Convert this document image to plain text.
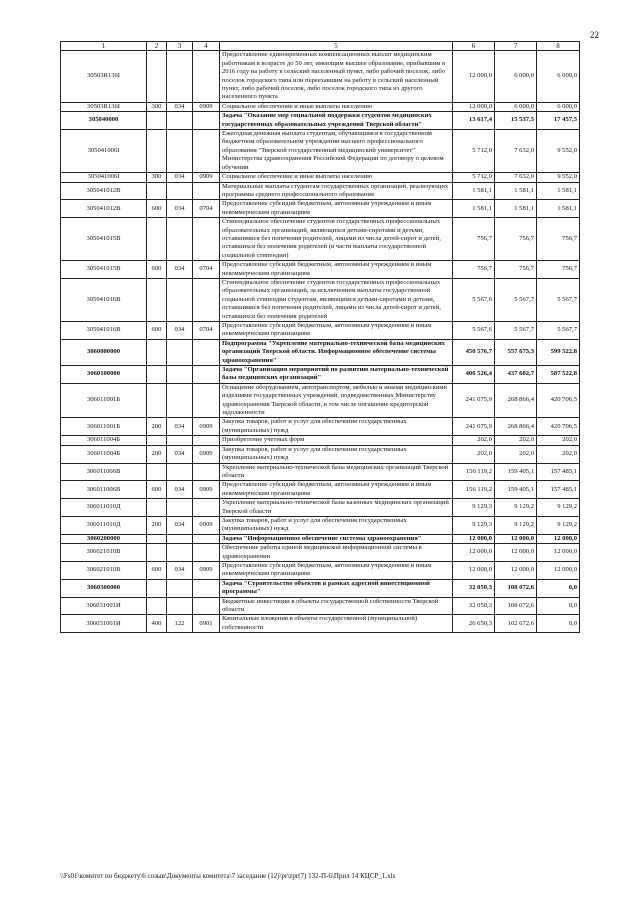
22
1	2	3	4	5	6	7	8
30503R136I				Предоставление единовременных компенсационных выплат медицинским работникам в возрасте до 50 лет, имеющим высшее образование, прибывшим в 2016 году на работу в сельский населенный пункт, либо рабочий поселок, либо поселок городского типа или переехавшим на работу в сельский населенный пункт, либо рабочий поселок, либо поселок городского типа из другого населенного пункта	12 000,0	6 000,0	6 000,0
30503R136I	300	034	0909	Социальное обеспечение и иные выплаты населению	12 000,0	6 000,0	6 000,0
305040000				Задача "Оказание мер социальной поддержки студентов медицинских государственных образовательных учреждений Тверской области"	13 617,4	15 537,5	17 457,5
305041006I				Ежегодная денежная выплата студентам, обучающимся в государственном бюджетном образовательном учреждении высшего профессионального образования "Тверской государственный медицинский университет" Министерства здравоохранения Российской Федерации по договору о целевом обучении	5 712,0	7 632,0	9 552,0
305041006I	300	034	0909	Социальное обеспечение и иные выплаты населению	5 712,0	7 632,0	9 552,0
305041012B				Материальные выплаты студентам государственных организаций, реализующих программы среднего профессионального образования	1 581,1	1 581,1	1 581,1
305041012B	600	034	0704	Предоставление субсидий бюджетным, автономным учреждениям и иным некоммерческим организациям	1 581,1	1 581,1	1 581,1
305041015B				Стипендиальное обеспечение студентов государственных профессиональных образовательных организаций, являющихся детьми-сиротами и детьми, оставшимися без попечения родителей, лицами из числа детей-сирот и детей, оставшихся без попечения родителей (в части выплаты государственной социальной стипендии)	756,7	756,7	756,7
305041015B	600	034	0704	Предоставление субсидий бюджетным, автономным учреждениям и иным некоммерческим организациям	756,7	756,7	756,7
305041016B				Стипендиальное обеспечение студентов государственных профессиональных образовательных организаций, за исключением выплаты государственной социальной стипендии студентам, являющимся детьми-сиротами и детьми, оставшимися без попечения родителей, лицами из числа детей-сирот и детей, оставшихся без попечения родителей	5 567,6	5 567,7	5 567,7
305041016B	600	034	0704	Предоставление субсидий бюджетным, автономным учреждениям и иным некоммерческим организациям	5 567,6	5 567,7	5 567,7
3060000000				Подпрограмма "Укрепление материально-технической базы медицинских организаций Тверской области. Информационное обеспечение системы здравоохранения"	450 576,7	557 675,3	599 522,8
3060100000				Задача "Организация мероприятий по развитию материально-технической базы медицинских организаций"	406 526,4	437 602,7	587 522,8
306011001Б				Оснащение оборудованием, автотранспортом, мебелью и иными медицинскими изделиями государственных учреждений, подведомственных Министерству здравоохранения Тверской области, в том числе погашение кредиторской задолженности	241 075,9	268 866,4	420 706,5
306011001Б	200	034	0909	Закупка товаров, работ и услуг для обеспечения государственных (муниципальных) нужд	241 075,9	268 866,4	420 706,5
306011004Б				Приобретение учетных форм	202,0	202,0	202,0
306011004Б	200	034	0909	Закупка товаров, работ и услуг для обеспечения государственных (муниципальных) нужд	202,0	202,0	202,0
306011006B				Укрепление материально-технической базы медицинских организаций Тверской области	156 119,2	159 405,1	157 485,1
306011006B	600	034	0909	Предоставление субсидий бюджетным, автономным учреждениям и иным некоммерческим организациям	156 119,2	159 405,1	157 485,1
306011010Д				Укрепление материально-технической базы казенных медицинских организаций Тверской области	9 129,3	9 129,2	9 129,2
306011010Д	200	034	0909	Закупка товаров, работ и услуг для обеспечения государственных (муниципальных) нужд	9 129,3	9 129,2	9 129,2
3060200000				Задача "Информационное обеспечение системы здравоохранения"	12 000,0	12 000,0	12 000,0
306021010B				Обеспечение работы единой медицинской информационной системы в здравоохранении	12 000,0	12 000,0	12 000,0
306021010B	600	034	0909	Предоставление субсидий бюджетным, автономным учреждениям и иным некоммерческим организациям	12 000,0	12 000,0	12 000,0
3060300000				Задача "Строительство объектов в рамках адресной инвестиционной программы"	32 050,3	108 072,6	0,0
306031001И				Бюджетные инвестиции в объекты государственной собственности Тверской области	32 050,3	108 072,6	0,0
306031001И	400	122	0901	Капитальные вложения в объекты государственной (муниципальной) собственности	26 650,3	102 672,6	0,0
\\Fs01\комитет по бюджету\6 созыв\Документы комитета\7 заседание (12)\pr\zpr(7) 132-П-6\Прил 14 КЦСР_1.xls
